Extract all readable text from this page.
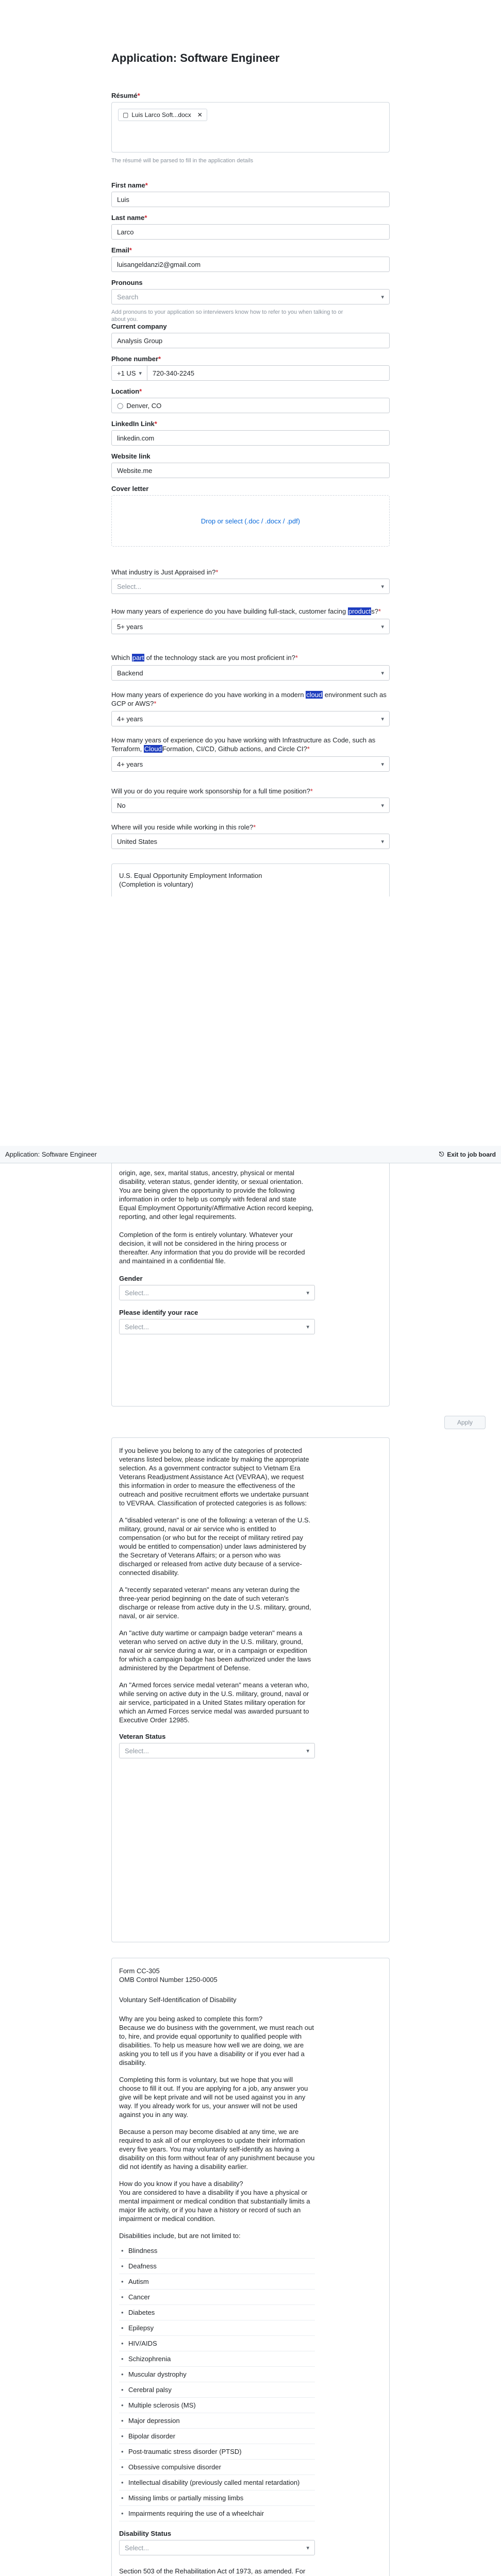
Application: Software Engineer
Résumé*
▢ Luis Larco Soft...docx ✕
The résumé will be parsed to fill in the application details
First name*
Luis
Last name*
Larco
Email*
luisangeldanzi2@gmail.com
Pronouns
Search	▾
Add pronouns to your application so interviewers know how to refer to you when talking to or about you.
Current company
Analysis Group
Phone number*
+1 US ▾	720-340-2245
Location*
◯ Denver, CO
LinkedIn Link*
linkedin.com
Website link
Website.me
Cover letter
Drop or select (.doc / .docx / .pdf)
What industry is Just Appraised in?*
Select...	▾
How many years of experience do you have building full-stack, customer facing products?*
5+ years	▾
Which part of the technology stack are you most proficient in?*
Backend	▾
How many years of experience do you have working in a modern cloud environment such as GCP or AWS?*
4+ years	▾
How many years of experience do you have working with Infrastructure as Code, such as Terraform, CloudFormation, CI/CD, Github actions, and Circle CI?*
4+ years	▾
Will you or do you require work sponsorship for a full time position?*
No	▾
Where will you reside while working in this role?*
United States	▾
U.S. Equal Opportunity Employment Information (Completion is voluntary)
Application: Software Engineer	⎋ Exit to job board

origin, age, sex, marital status, ancestry, physical or mental disability, veteran status, gender identity, or sexual orientation. You are being given the opportunity to provide the following information in order to help us comply with federal and state Equal Employment Opportunity/Affirmative Action record keeping, reporting, and other legal requirements.

Completion of the form is entirely voluntary. Whatever your decision, it will not be considered in the hiring process or thereafter. Any information that you do provide will be recorded and maintained in a confidential file.

Gender
Select...	▾
Please identify your race
Select...	▾
Apply

If you believe you belong to any of the categories of protected veterans listed below, please indicate by making the appropriate selection. As a government contractor subject to Vietnam Era Veterans Readjustment Assistance Act (VEVRAA), we request this information in order to measure the effectiveness of the outreach and positive recruitment efforts we undertake pursuant to VEVRAA. Classification of protected categories is as follows:

A "disabled veteran" is one of the following: a veteran of the U.S. military, ground, naval or air service who is entitled to compensation (or who but for the receipt of military retired pay would be entitled to compensation) under laws administered by the Secretary of Veterans Affairs; or a person who was discharged or released from active duty because of a service-connected disability.

A "recently separated veteran" means any veteran during the three-year period beginning on the date of such veteran's discharge or release from active duty in the U.S. military, ground, naval, or air service.

An "active duty wartime or campaign badge veteran" means a veteran who served on active duty in the U.S. military, ground, naval or air service during a war, or in a campaign or expedition for which a campaign badge has been authorized under the laws administered by the Department of Defense.

An "Armed forces service medal veteran" means a veteran who, while serving on active duty in the U.S. military, ground, naval or air service, participated in a United States military operation for which an Armed Forces service medal was awarded pursuant to Executive Order 12985.

Veteran Status
Select...	▾
Form CC-305
OMB Control Number 1250-0005

Voluntary Self-Identification of Disability

Why are you being asked to complete this form?

Because we do business with the government, we must reach out to, hire, and provide equal opportunity to qualified people with disabilities. To help us measure how well we are doing, we are asking you to tell us if you have a disability or if you ever had a disability.

Completing this form is voluntary, but we hope that you will choose to fill it out. If you are applying for a job, any answer you give will be kept private and will not be used against you in any way. If you already work for us, your answer will not be used against you in any way.

Because a person may become disabled at any time, we are required to ask all of our employees to update their information every five years. You may voluntarily self-identify as having a disability on this form without fear of any punishment because you did not identify as having a disability earlier.

How do you know if you have a disability?

You are considered to have a disability if you have a physical or mental impairment or medical condition that substantially limits a major life activity, or if you have a history or record of such an impairment or medical condition.

Disabilities include, but are not limited to:

• Blindness
• Deafness
• Autism
• Cancer
• Diabetes
• Epilepsy
• HIV/AIDS
• Schizophrenia
• Muscular dystrophy
• Cerebral palsy
• Multiple sclerosis (MS)
• Major depression
• Bipolar disorder
• Post-traumatic stress disorder (PTSD)
• Obsessive compulsive disorder
• Intellectual disability (previously called mental retardation)
• Missing limbs or partially missing limbs
• Impairments requiring the use of a wheelchair
Disability Status
Select...	▾

Section 503 of the Rehabilitation Act of 1973, as amended. For
